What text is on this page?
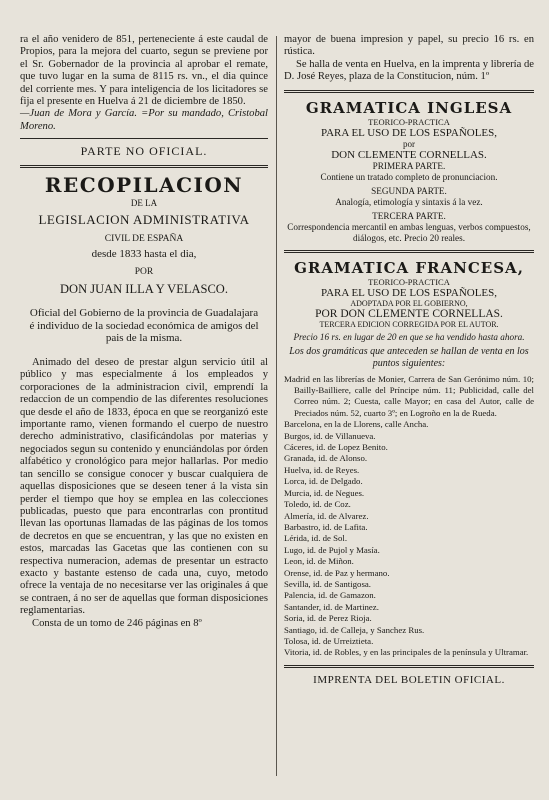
ra el año venidero de 851, perteneciente á este caudal de Propios, para la mejora del cuarto, segun se previene por el Sr. Gobernador de la provincia al aprobar el remate, que tuvo lugar en la suma de 8115 rs. vn., el dia quince del corriente mes. Y para inteligencia de los licitadores se fija el presente en Huelva á 21 de diciembre de 1850.

—Juan de Mora y García. =Por su mandado, Cristobal Moreno.

PARTE NO OFICIAL.

RECOPILACION

DE LA

LEGISLACION ADMINISTRATIVA

CIVIL DE ESPAÑA

desde 1833 hasta el dia,

POR

DON JUAN ILLA Y VELASCO.

Oficial del Gobierno de la provincia de Guadalajara é individuo de la sociedad económica de amigos del pais de la misma.

Animado del deseo de prestar algun servicio útil al público y mas especialmente á los empleados y corporaciones de la administracion civil, emprendí la redaccion de un compendio de las diferentes resoluciones que desde el año de 1833, época en que se reorganizó este importante ramo, vienen formando el cuerpo de nuestro derecho administrativo, clasificándolas por materias y negociados segun su contenido y enunciándolas por órden alfabético y cronológico para mejor hallarlas. Por medio tan sencillo se consigue conocer y buscar cualquiera de aquellas disposiciones que se deseen tener á la vista sin perder el tiempo que hoy se emplea en las colecciones publicadas, puesto que para encontrarlas con prontitud llevan las oportunas llamadas de las páginas de los tomos de decretos en que se encuentran, y las que no existen en estos, marcadas las Gacetas que las contienen con su respectiva numeracion, ademas de presentar un estracto exacto y bastante estenso de cada una, cuyo, metodo ofrece la ventaja de no necesitarse ver las originales á que se contraen, á no ser de aquellas que forman disposiciones reglamentarias.

Consta de un tomo de 246 páginas en 8º

mayor de buena impresion y papel, su precio 16 rs. en rústica.

Se halla de venta en Huelva, en la imprenta y librería de D. José Reyes, plaza de la Constitucion, núm. 1º

GRAMATICA INGLESA

TEORICO-PRACTICA

PARA EL USO DE LOS ESPAÑOLES,

por

DON CLEMENTE CORNELLAS.

PRIMERA PARTE.

Contiene un tratado completo de pronunciacion.

SEGUNDA PARTE.

Analogía, etimología y sintaxis á la vez.

TERCERA PARTE.

Correspondencia mercantil en ambas lenguas, verbos compuestos, diálogos, etc. Precio 20 reales.

GRAMATICA FRANCESA,

TEORICO-PRACTICA

PARA EL USO DE LOS ESPAÑOLES,

ADOPTADA POR EL GOBIERNO,

POR DON CLEMENTE CORNELLAS.

TERCERA EDICION CORREGIDA POR EL AUTOR.

Precio 16 rs. en lugar de 20 en que se ha vendido hasta ahora.

Los dos gramáticas que anteceden se hallan de venta en los puntos siguientes:

Madrid en las librerías de Monier, Carrera de San Gerónimo núm. 10; Bailly-Bailliere, calle del Príncipe núm. 11; Publicidad, calle del Correo núm. 2; Cuesta, calle Mayor; en casa del Autor, calle de Preciados núm. 52, cuarto 3º; en Logroño en la de Rueda.
Barcelona, en la de Llorens, calle Ancha.
Burgos, id. de Villanueva.
Cáceres, id. de Lopez Benito.
Granada, id. de Alonso.
Huelva, id. de Reyes.
Lorca, id. de Delgado.
Murcia, id. de Negues.
Toledo, id. de Coz.
Almería, id. de Alvarez.
Barbastro, id. de Lafita.
Lérida, id. de Sol.
Lugo, id. de Pujol y Masía.
Leon, id. de Miñon.
Orense, id. de Paz y hermano.
Sevilla, id. de Santigosa.
Palencia, id. de Gamazon.
Santander, id. de Martinez.
Soria, id. de Perez Rioja.
Santiago, id. de Calleja, y Sanchez Rus.
Tolosa, id. de Urreiztieta.
Vitoria, id. de Robles, y en las principales de la península y Ultramar.

IMPRENTA DEL BOLETIN OFICIAL.
